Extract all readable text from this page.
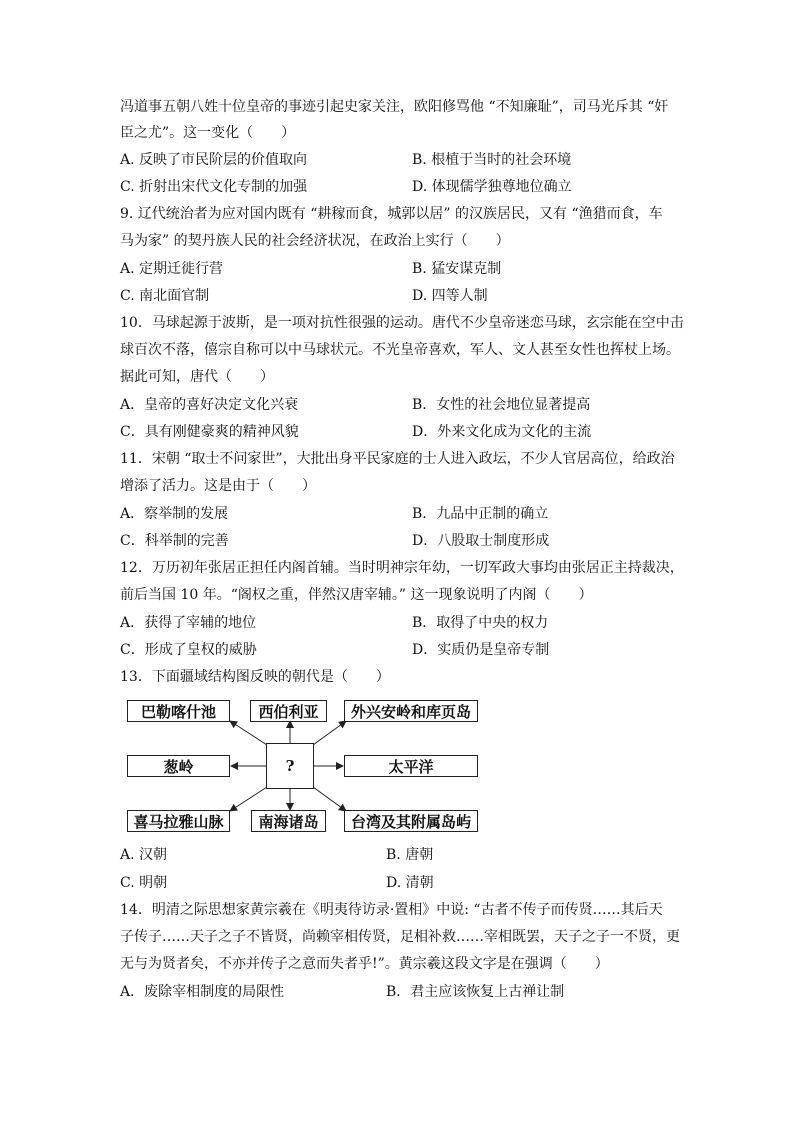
冯道事五朝八姓十位皇帝的事迹引起史家关注，欧阳修骂他 “不知廉耻”，司马光斥其 “奸
臣之尤”。这一变化（　　）
A. 反映了市民阶层的价值取向	B. 根植于当时的社会环境
C. 折射出宋代文化专制的加强	D. 体现儒学独尊地位确立
9. 辽代统治者为应对国内既有 “耕稼而食，城郭以居” 的汉族居民，又有 “渔猎而食，车
马为家” 的契丹族人民的社会经济状况，在政治上实行（　　）
A. 定期迁徙行营	B. 猛安谋克制
C. 南北面官制	D. 四等人制
10．马球起源于波斯，是一项对抗性很强的运动。唐代不少皇帝迷恋马球，玄宗能在空中击
球百次不落，僖宗自称可以中马球状元。不光皇帝喜欢，军人、文人甚至女性也挥杖上场。
据此可知，唐代（　　）
A．皇帝的喜好决定文化兴衰	B．女性的社会地位显著提高
C．具有刚健豪爽的精神风貌	D．外来文化成为文化的主流
11．宋朝 “取士不问家世”，大批出身平民家庭的士人进入政坛，不少人官居高位，给政治
增添了活力。这是由于（　　）
A．察举制的发展	B．九品中正制的确立
C．科举制的完善	D．八股取士制度形成
12．万历初年张居正担任内阁首辅。当时明神宗年幼，一切军政大事均由张居正主持裁决，
前后当国 10 年。“阁权之重，伴然汉唐宰辅。” 这一现象说明了内阁（　　）
A．获得了宰辅的地位	B．取得了中央的权力
C．形成了皇权的威胁	D．实质仍是皇帝专制
13．下面疆域结构图反映的朝代是（　　）
巴勒喀什池	西伯利亚	外兴安岭和库页岛
葱岭	?	太平洋
喜马拉雅山脉	南海诸岛	台湾及其附属岛屿
A. 汉朝	B. 唐朝
C. 明朝	D. 清朝
14．明清之际思想家黄宗羲在《明夷待访录·置相》中说: “古者不传子而传贤……其后天
子传子……天子之子不皆贤，尚赖宰相传贤，足相补救……宰相既罢，天子之子一不贤，更
无与为贤者矣，不亦并传子之意而失者乎!”。黄宗羲这段文字是在强调（　　）
A．废除宰相制度的局限性	B．君主应该恢复上古禅让制
